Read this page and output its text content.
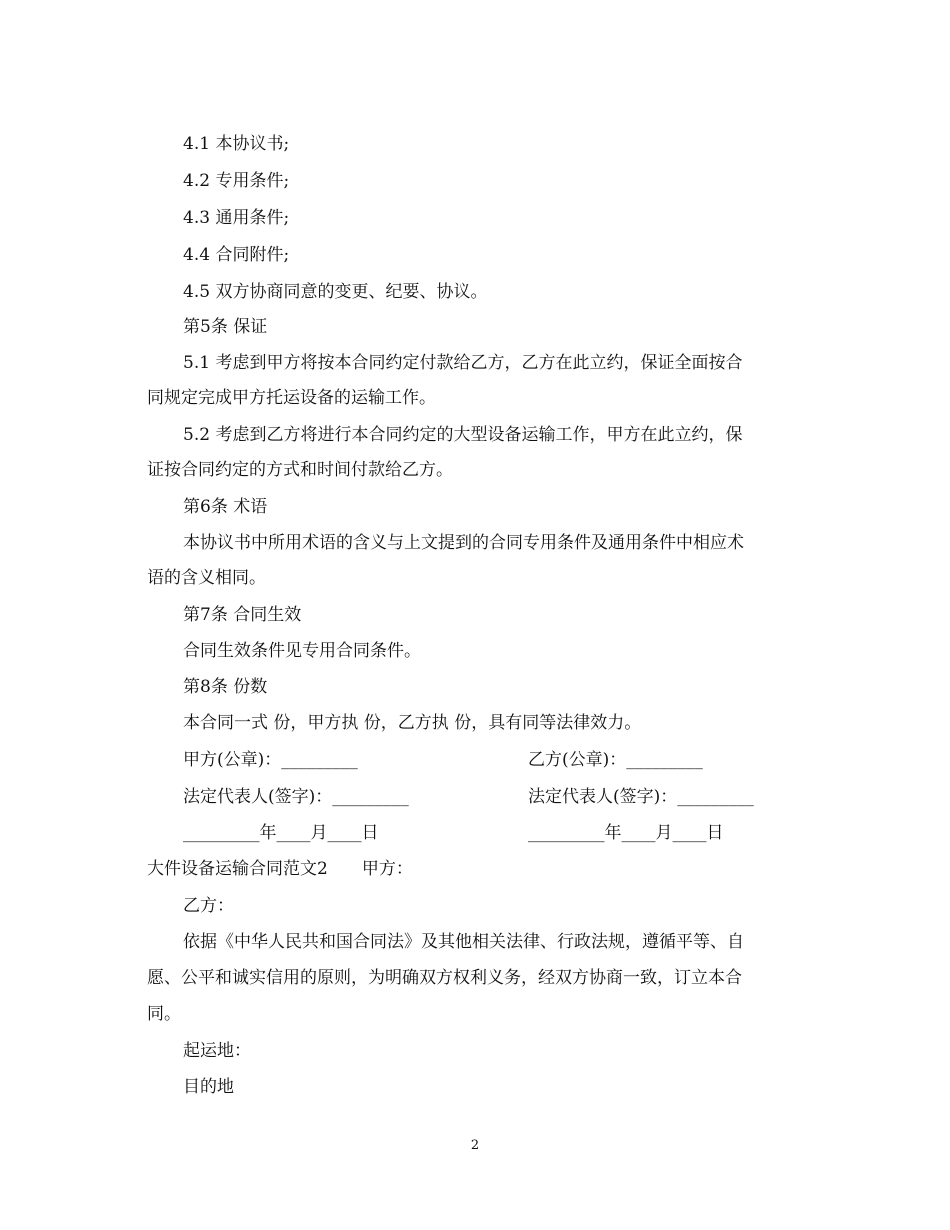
4.1 本协议书;
4.2 专用条件;
4.3 通用条件;
4.4 合同附件;
4.5 双方协商同意的变更、纪要、协议。
第5条 保证
5.1 考虑到甲方将按本合同约定付款给乙方，乙方在此立约，保证全面按合
同规定完成甲方托运设备的运输工作。
5.2 考虑到乙方将进行本合同约定的大型设备运输工作，甲方在此立约，保
证按合同约定的方式和时间付款给乙方。
第6条 术语
本协议书中所用术语的含义与上文提到的合同专用条件及通用条件中相应术
语的含义相同。
第7条 合同生效
合同生效条件见专用合同条件。
第8条 份数
本合同一式 份，甲方执 份，乙方执 份，具有同等法律效力。
甲方(公章)：_________	乙方(公章)：_________
法定代表人(签字)：_________	法定代表人(签字)：_________
_________年____月____日	_________年____月____日
大件设备运输合同范文2　　甲方：
乙方：
依据《中华人民共和国合同法》及其他相关法律、行政法规，遵循平等、自
愿、公平和诚实信用的原则，为明确双方权利义务，经双方协商一致，订立本合
同。
起运地：
目的地
2
